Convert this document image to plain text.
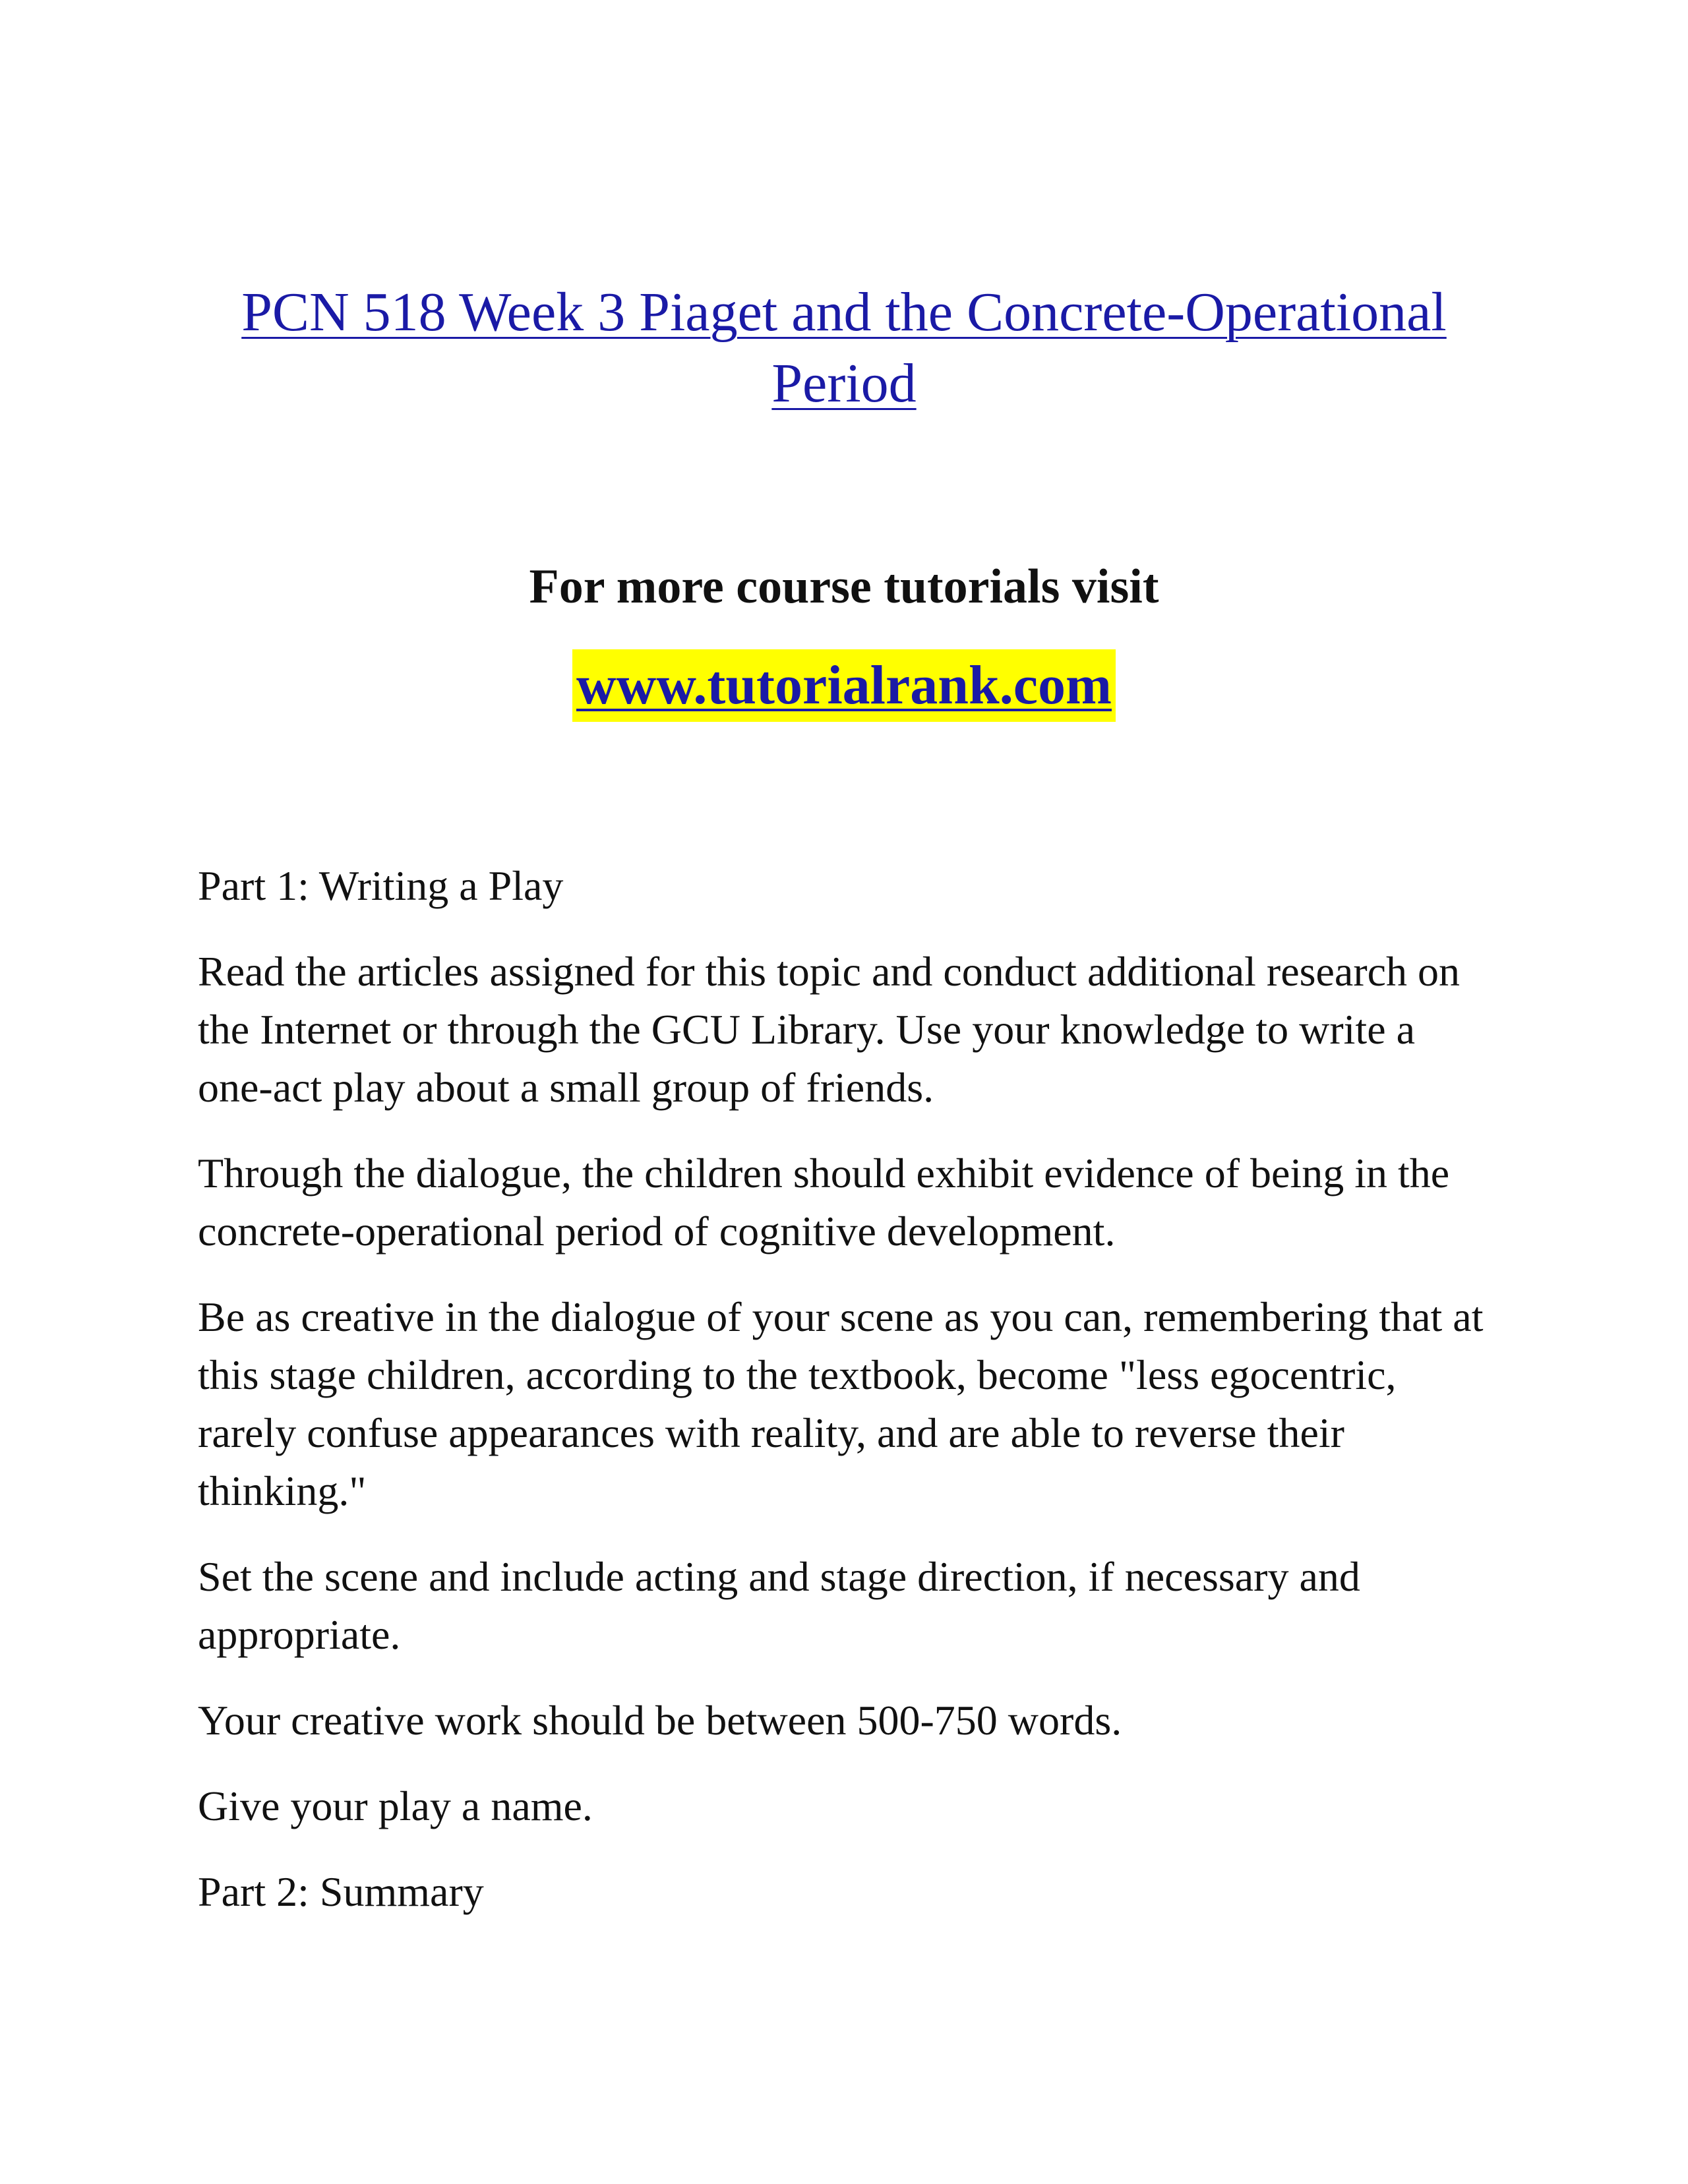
PCN 518 Week 3 Piaget and the Concrete-Operational Period
For more course tutorials visit
www.tutorialrank.com

Part 1: Writing a Play

Read the articles assigned for this topic and conduct additional research on the Internet or through the GCU Library. Use your knowledge to write a one-act play about a small group of friends.

Through the dialogue, the children should exhibit evidence of being in the concrete-operational period of cognitive development.

Be as creative in the dialogue of your scene as you can, remembering that at this stage children, according to the textbook, become "less egocentric, rarely confuse appearances with reality, and are able to reverse their thinking."

Set the scene and include acting and stage direction, if necessary and appropriate.

Your creative work should be between 500-750 words.

Give your play a name.

Part 2: Summary
